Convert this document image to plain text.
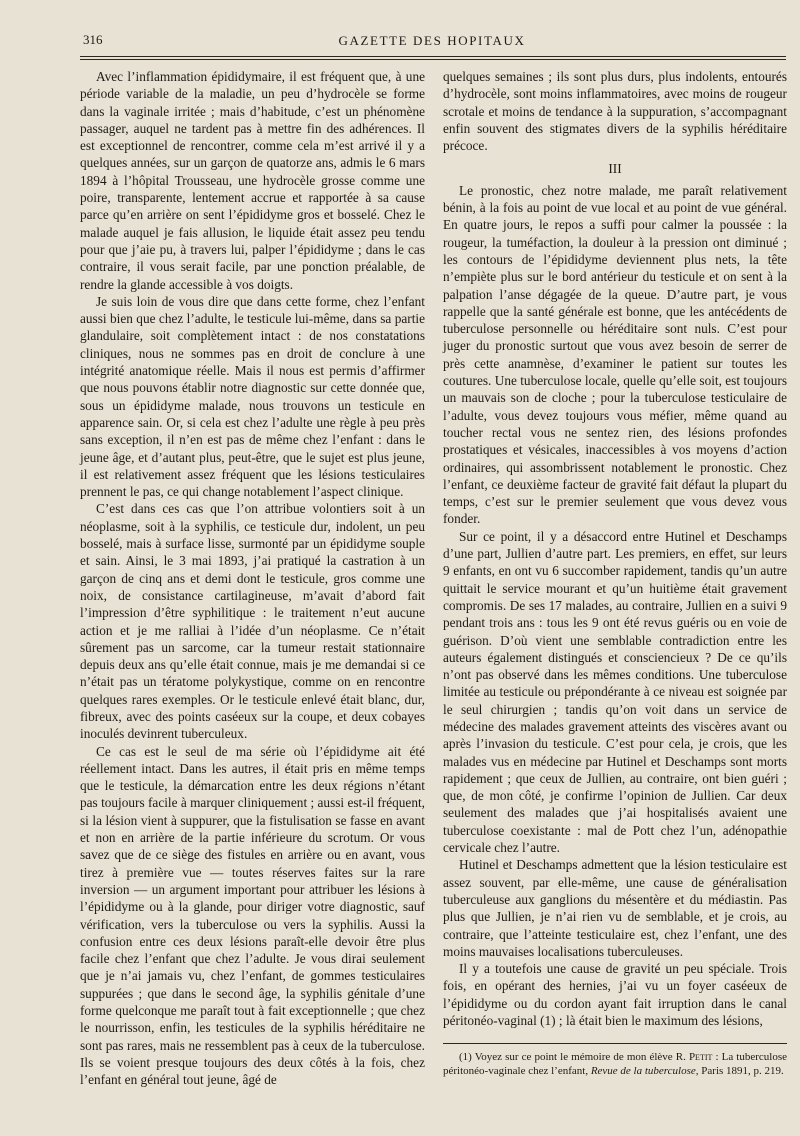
316	GAZETTE DES HOPITAUX

Avec l’inflammation épididymaire, il est fréquent que, à une période variable de la maladie, un peu d’hydrocèle se forme dans la vaginale irritée ; mais d’habitude, c’est un phénomène passager, auquel ne tardent pas à mettre fin des adhérences. Il est exceptionnel de rencontrer, comme cela m’est arrivé il y a quelques années, sur un garçon de quatorze ans, admis le 6 mars 1894 à l’hôpital Trousseau, une hydrocèle grosse comme une poire, transparente, lentement accrue et rapportée à sa cause parce qu’en arrière on sent l’épididyme gros et bosselé. Chez le malade auquel je fais allusion, le liquide était assez peu tendu pour que j’aie pu, à travers lui, palper l’épididyme ; dans le cas contraire, il vous serait facile, par une ponction préalable, de rendre la glande accessible à vos doigts.

Je suis loin de vous dire que dans cette forme, chez l’enfant aussi bien que chez l’adulte, le testicule lui-même, dans sa partie glandulaire, soit complètement intact : de nos constatations cliniques, nous ne sommes pas en droit de conclure à une intégrité anatomique réelle. Mais il nous est permis d’affirmer que nous pouvons établir notre diagnostic sur cette donnée que, sous un épididyme malade, nous trouvons un testicule en apparence sain. Or, si cela est chez l’adulte une règle à peu près sans exception, il n’en est pas de même chez l’enfant : dans le jeune âge, et d’autant plus, peut-être, que le sujet est plus jeune, il est relativement assez fréquent que les lésions testiculaires prennent le pas, ce qui change notablement l’aspect clinique.

C’est dans ces cas que l’on attribue volontiers soit à un néoplasme, soit à la syphilis, ce testicule dur, indolent, un peu bosselé, mais à surface lisse, surmonté par un épididyme souple et sain. Ainsi, le 3 mai 1893, j’ai pratiqué la castration à un garçon de cinq ans et demi dont le testicule, gros comme une noix, de consistance cartilagineuse, m’avait d’abord fait l’impression d’être syphilitique : le traitement n’eut aucune action et je me ralliai à l’idée d’un néoplasme. Ce n’était sûrement pas un sarcome, car la tumeur restait stationnaire depuis deux ans qu’elle était connue, mais je me demandai si ce n’était pas un tératome polykystique, comme on en rencontre quelques rares exemples. Or le testicule enlevé était blanc, dur, fibreux, avec des points caséeux sur la coupe, et deux cobayes inoculés devinrent tuberculeux.

Ce cas est le seul de ma série où l’épididyme ait été réellement intact. Dans les autres, il était pris en même temps que le testicule, la démarcation entre les deux régions n’étant pas toujours facile à marquer cliniquement ; aussi est-il fréquent, si la lésion vient à suppurer, que la fistulisation se fasse en avant et non en arrière de la partie inférieure du scrotum. Or vous savez que de ce siège des fistules en arrière ou en avant, vous tirez à première vue — toutes réserves faites sur la rare inversion — un argument important pour attribuer les lésions à l’épididyme ou à la glande, pour diriger votre diagnostic, sauf vérification, vers la tuberculose ou vers la syphilis. Aussi la confusion entre ces deux lésions paraît-elle devoir être plus facile chez l’enfant que chez l’adulte. Je vous dirai seulement que je n’ai jamais vu, chez l’enfant, de gommes testiculaires suppurées ; que dans le second âge, la syphilis génitale d’une forme quelconque me paraît tout à fait exceptionnelle ; que chez le nourrisson, enfin, les testicules de la syphilis héréditaire ne sont pas rares, mais ne ressemblent pas à ceux de la tuberculose. Ils se voient presque toujours des deux côtés à la fois, chez l’enfant en général tout jeune, âgé de

quelques semaines ; ils sont plus durs, plus indolents, entourés d’hydrocèle, sont moins inflammatoires, avec moins de rougeur scrotale et moins de tendance à la suppuration, s’accompagnant enfin souvent des stigmates divers de la syphilis héréditaire précoce.

III

Le pronostic, chez notre malade, me paraît relativement bénin, à la fois au point de vue local et au point de vue général. En quatre jours, le repos a suffi pour calmer la poussée : la rougeur, la tuméfaction, la douleur à la pression ont diminué ; les contours de l’épididyme deviennent plus nets, la tête n’empiète plus sur le bord antérieur du testicule et on sent à la palpation l’anse dégagée de la queue. D’autre part, je vous rappelle que la santé générale est bonne, que les antécédents de tuberculose personnelle ou héréditaire sont nuls. C’est pour juger du pronostic surtout que vous avez besoin de serrer de près cette anamnèse, d’examiner le patient sur toutes les coutures. Une tuberculose locale, quelle qu’elle soit, est toujours un mauvais son de cloche ; pour la tuberculose testiculaire de l’adulte, vous devez toujours vous méfier, même quand au toucher rectal vous ne sentez rien, des lésions profondes prostatiques et vésicales, inaccessibles à vos moyens d’action ordinaires, qui assombrissent notablement le pronostic. Chez l’enfant, ce deuxième facteur de gravité fait défaut la plupart du temps, c’est sur le premier seulement que vous devez vous fonder.

Sur ce point, il y a désaccord entre Hutinel et Deschamps d’une part, Jullien d’autre part. Les premiers, en effet, sur leurs 9 enfants, en ont vu 6 succomber rapidement, tandis qu’un autre quittait le service mourant et qu’un huitième était gravement compromis. De ses 17 malades, au contraire, Jullien en a suivi 9 pendant trois ans : tous les 9 ont été revus guéris ou en voie de guérison. D’où vient une semblable contradiction entre les auteurs également distingués et consciencieux ? De ce qu’ils n’ont pas observé dans les mêmes conditions. Une tuberculose limitée au testicule ou prépondérante à ce niveau est soignée par le seul chirurgien ; tandis qu’on voit dans un service de médecine des malades gravement atteints des viscères avant ou après l’invasion du testicule. C’est pour cela, je crois, que les malades vus en médecine par Hutinel et Deschamps sont morts rapidement ; que ceux de Jullien, au contraire, ont bien guéri ; que, de mon côté, je confirme l’opinion de Jullien. Car deux seulement des malades que j’ai hospitalisés avaient une tuberculose coexistante : mal de Pott chez l’un, adénopathie cervicale chez l’autre.

Hutinel et Deschamps admettent que la lésion testiculaire est assez souvent, par elle-même, une cause de généralisation tuberculeuse aux ganglions du mésentère et du médiastin. Pas plus que Jullien, je n’ai rien vu de semblable, et je crois, au contraire, que l’atteinte testiculaire est, chez l’enfant, une des moins mauvaises localisations tuberculeuses.

Il y a toutefois une cause de gravité un peu spéciale. Trois fois, en opérant des hernies, j’ai vu un foyer caséeux de l’épididyme ou du cordon ayant fait irruption dans le canal péritonéo-vaginal (1) ; là était bien le maximum des lésions,

(1) Voyez sur ce point le mémoire de mon élève R. Petit : La tuberculose péritonéo-vaginale chez l’enfant, Revue de la tuberculose, Paris 1891, p. 219.
